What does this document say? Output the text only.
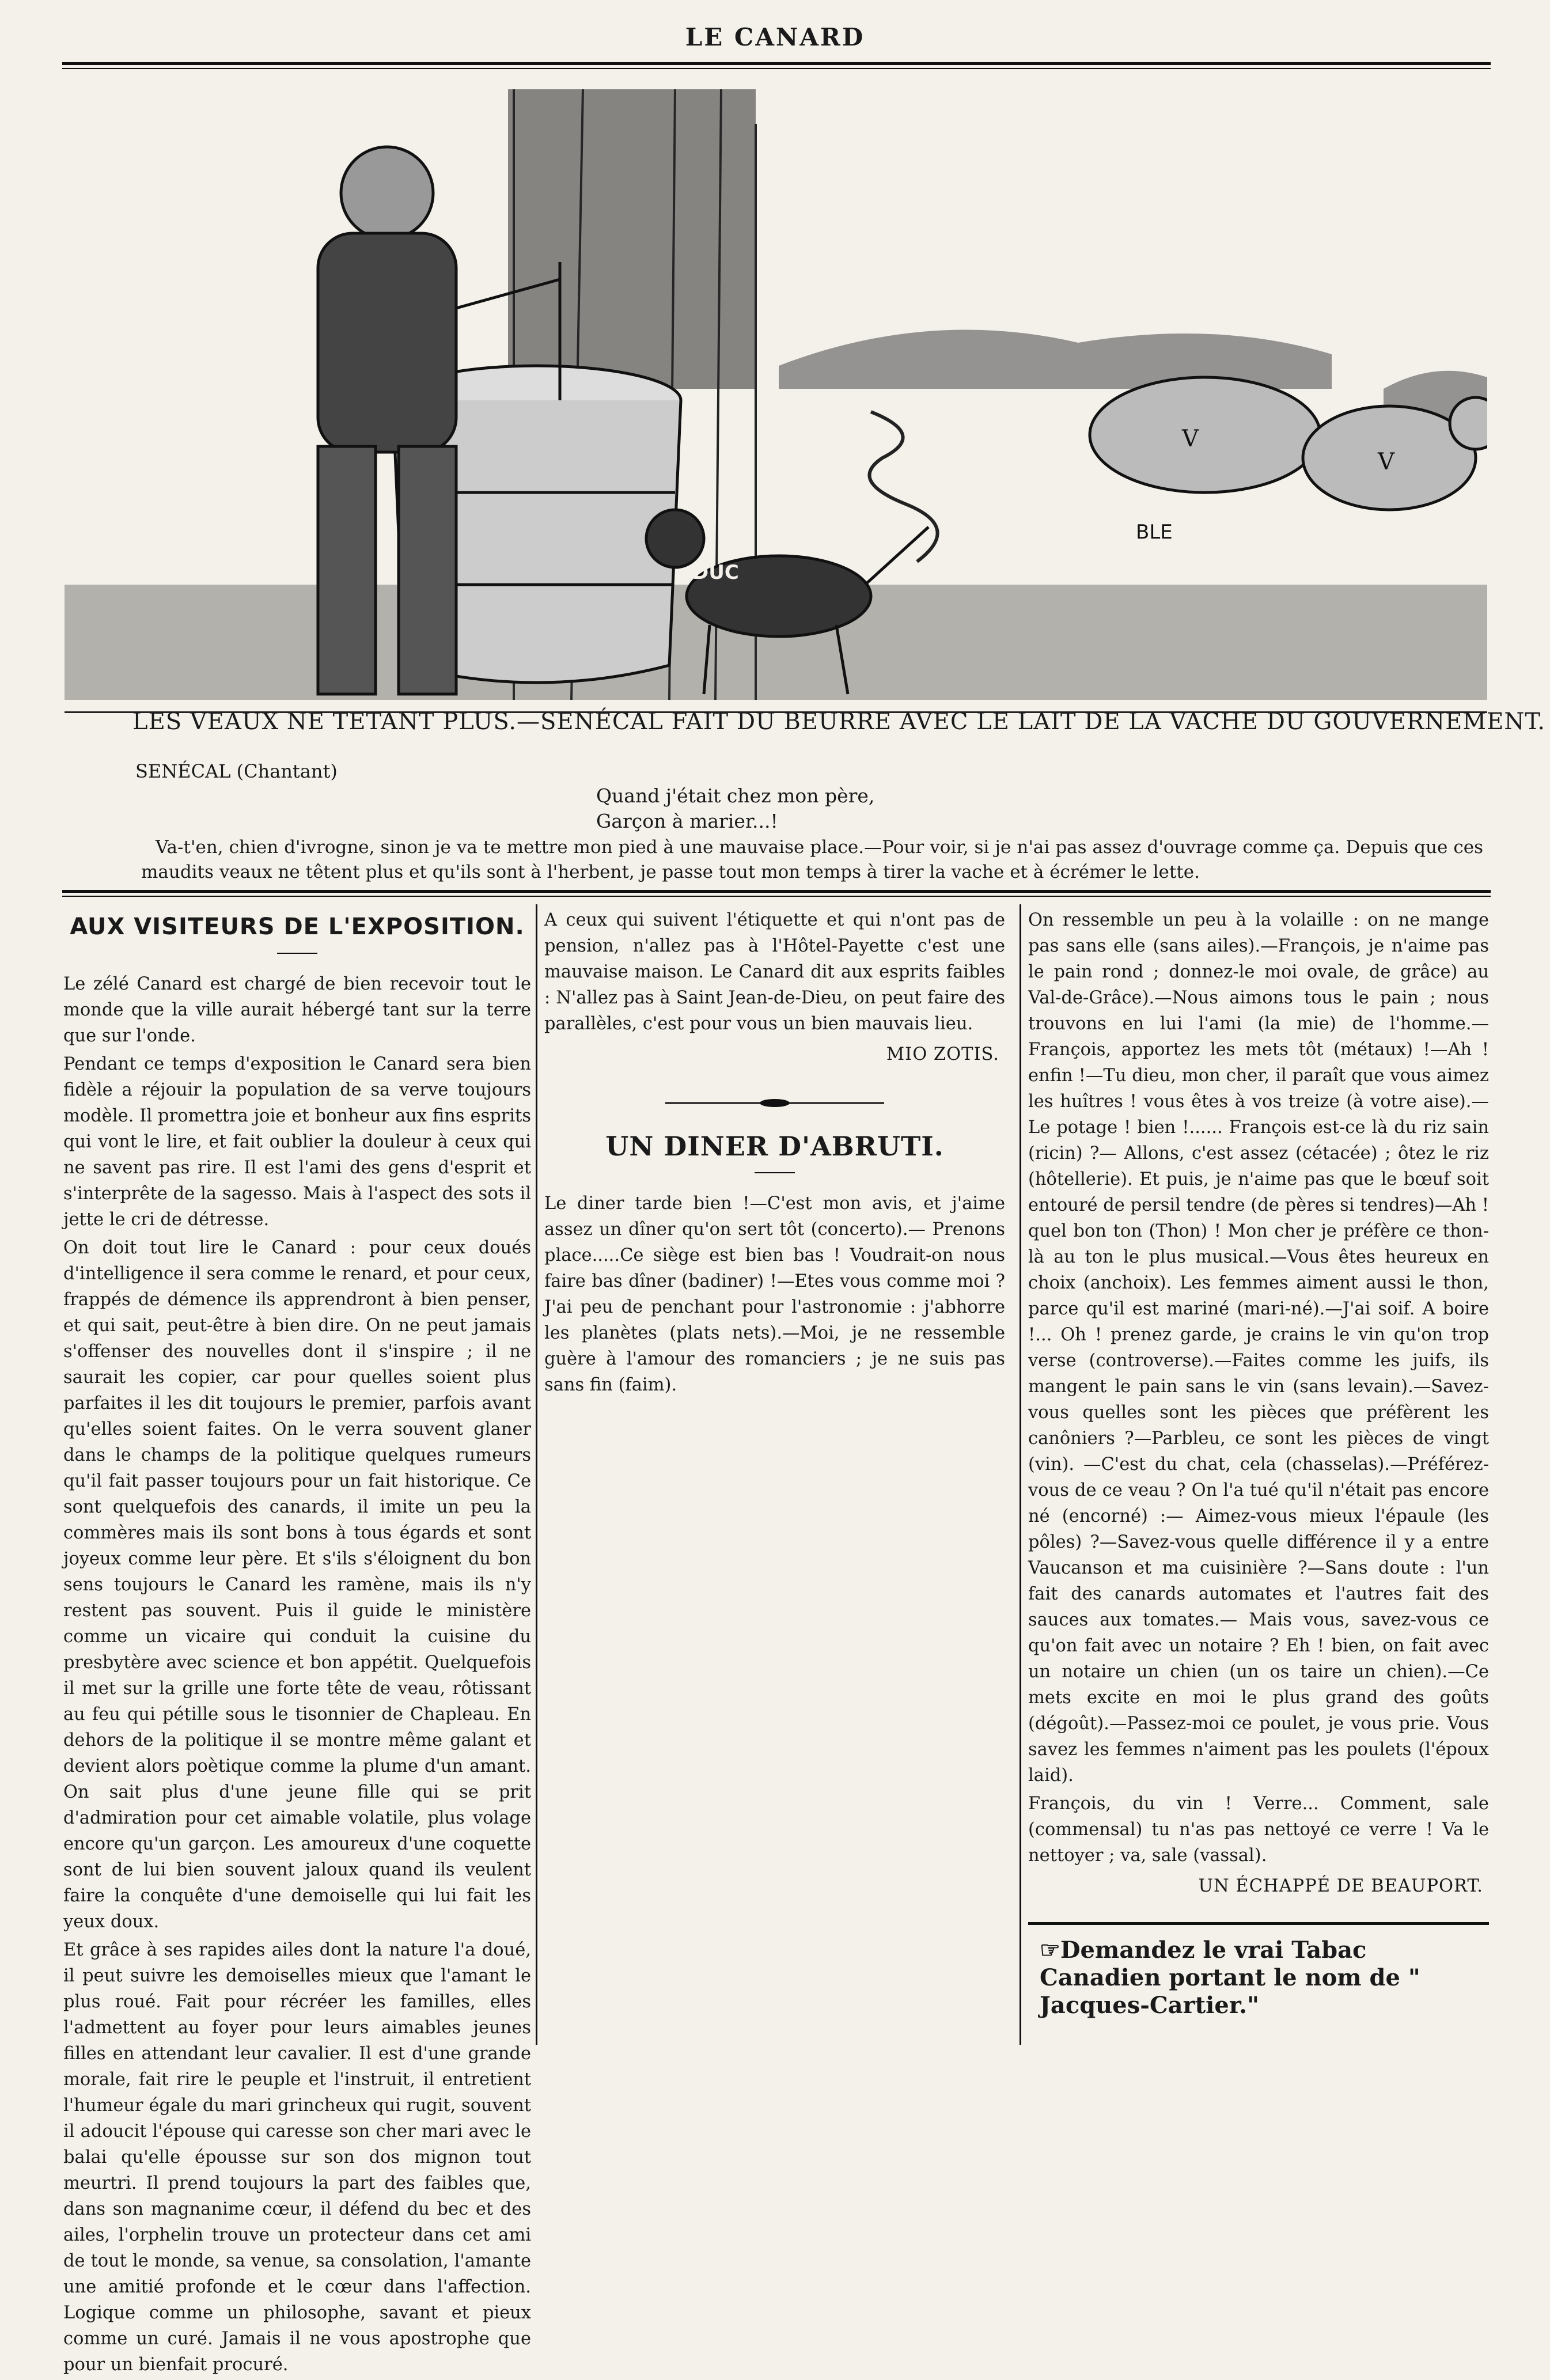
LE CANARD
DUC
V
V
BLE
LES VEAUX NE TETANT PLUS.—SENÉCAL FAIT DU BEURRE AVEC LE LAIT DE LA VACHE DU GOUVERNEMENT.
SENÉCAL (Chantant)
Quand j'était chez mon père,
Garçon à marier...!
Va-t'en, chien d'ivrogne, sinon je va te mettre mon pied à une mauvaise place.—Pour voir, si je n'ai pas assez d'ouvrage comme ça. Depuis que ces maudits veaux ne têtent plus et qu'ils sont à l'herbent, je passe tout mon temps à tirer la vache et à écrémer le lette.
AUX VISITEURS DE L'EXPOSITION.

Le zélé Canard est chargé de bien recevoir tout le monde que la ville aurait hébergé tant sur la terre que sur l'onde.

Pendant ce temps d'exposition le Canard sera bien fidèle a réjouir la population de sa verve toujours modèle. Il promettra joie et bonheur aux fins esprits qui vont le lire, et fait oublier la douleur à ceux qui ne savent pas rire. Il est l'ami des gens d'esprit et s'interprête de la sagesso. Mais à l'aspect des sots il jette le cri de détresse.

On doit tout lire le Canard : pour ceux doués d'intelligence il sera comme le renard, et pour ceux, frappés de démence ils apprendront à bien penser, et qui sait, peut-être à bien dire. On ne peut jamais s'offenser des nouvelles dont il s'inspire ; il ne saurait les copier, car pour quelles soient plus parfaites il les dit toujours le premier, parfois avant qu'elles soient faites. On le verra souvent glaner dans le champs de la politique quelques rumeurs qu'il fait passer toujours pour un fait historique. Ce sont quelquefois des canards, il imite un peu la commères mais ils sont bons à tous égards et sont joyeux comme leur père. Et s'ils s'éloignent du bon sens toujours le Canard les ramène, mais ils n'y restent pas souvent. Puis il guide le ministère comme un vicaire qui conduit la cuisine du presbytère avec science et bon appétit. Quelquefois il met sur la grille une forte tête de veau, rôtissant au feu qui pétille sous le tisonnier de Chapleau. En dehors de la politique il se montre même galant et devient alors poètique comme la plume d'un amant. On sait plus d'une jeune fille qui se prit d'admiration pour cet aimable volatile, plus volage encore qu'un garçon. Les amoureux d'une coquette sont de lui bien souvent jaloux quand ils veulent faire la conquête d'une demoiselle qui lui fait les yeux doux.

Et grâce à ses rapides ailes dont la nature l'a doué, il peut suivre les demoiselles mieux que l'amant le plus roué. Fait pour récréer les familles, elles l'admettent au foyer pour leurs aimables jeunes filles en attendant leur cavalier. Il est d'une grande morale, fait rire le peuple et l'instruit, il entretient l'humeur égale du mari grincheux qui rugit, souvent il adoucit l'épouse qui caresse son cher mari avec le balai qu'elle épousse sur son dos mignon tout meurtri. Il prend toujours la part des faibles que, dans son magnanime cœur, il défend du bec et des ailes, l'orphelin trouve un protecteur dans cet ami de tout le monde, sa venue, sa consolation, l'amante une amitié profonde et le cœur dans l'affection. Logique comme un philosophe, savant et pieux comme un curé. Jamais il ne vous apostrophe que pour un bienfait procuré.

A ceux qui suivent l'étiquette et qui n'ont pas de pension, n'allez pas à l'Hôtel-Payette c'est une mauvaise maison. Le Canard dit aux esprits faibles : N'allez pas à Saint Jean-de-Dieu, on peut faire des parallèles, c'est pour vous un bien mauvais lieu.

MIO ZOTIS.
UN DINER D'ABRUTI.

Le diner tarde bien !—C'est mon avis, et j'aime assez un dîner qu'on sert tôt (concerto).— Prenons place.....Ce siège est bien bas ! Voudrait-on nous faire bas dîner (badiner) !—Etes vous comme moi ? J'ai peu de penchant pour l'astronomie : j'abhorre les planètes (plats nets).—Moi, je ne ressemble guère à l'amour des romanciers ; je ne suis pas sans fin (faim).

On ressemble un peu à la volaille : on ne mange pas sans elle (sans ailes).—François, je n'aime pas le pain rond ; donnez-le moi ovale, de grâce) au Val-de-Grâce).—Nous aimons tous le pain ; nous trouvons en lui l'ami (la mie) de l'homme.—François, apportez les mets tôt (métaux) !—Ah ! enfin !—Tu dieu, mon cher, il paraît que vous aimez les huîtres ! vous êtes à vos treize (à votre aise).—Le potage ! bien !...... François est-ce là du riz sain (ricin) ?— Allons, c'est assez (cétacée) ; ôtez le riz (hôtellerie). Et puis, je n'aime pas que le bœuf soit entouré de persil tendre (de pères si tendres)—Ah ! quel bon ton (Thon) ! Mon cher je préfère ce thon-là au ton le plus musical.—Vous êtes heureux en choix (anchoix). Les femmes aiment aussi le thon, parce qu'il est mariné (mari-né).—J'ai soif. A boire !... Oh ! prenez garde, je crains le vin qu'on trop verse (controverse).—Faites comme les juifs, ils mangent le pain sans le vin (sans levain).—Savez-vous quelles sont les pièces que préfèrent les canôniers ?—Parbleu, ce sont les pièces de vingt (vin). —C'est du chat, cela (chasselas).—Préférez-vous de ce veau ? On l'a tué qu'il n'était pas encore né (encorné) :— Aimez-vous mieux l'épaule (les pôles) ?—Savez-vous quelle différence il y a entre Vaucanson et ma cuisinière ?—Sans doute : l'un fait des canards automates et l'autres fait des sauces aux tomates.— Mais vous, savez-vous ce qu'on fait avec un notaire ? Eh ! bien, on fait avec un notaire un chien (un os taire un chien).—Ce mets excite en moi le plus grand des goûts (dégoût).—Passez-moi ce poulet, je vous prie. Vous savez les femmes n'aiment pas les poulets (l'époux laid).

François, du vin ! Verre... Comment, sale (commensal) tu n'as pas nettoyé ce verre ! Va le nettoyer ; va, sale (vassal).

UN ÉCHAPPÉ DE BEAUPORT.
☞Demandez le vrai Tabac Canadien portant le nom de " Jacques-Cartier."
